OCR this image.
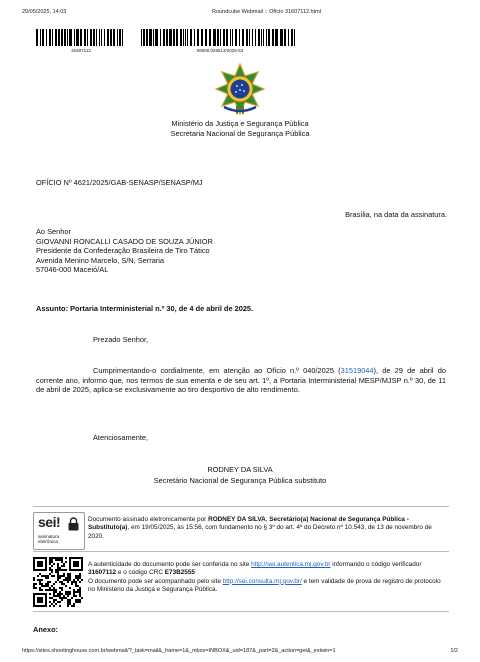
20/05/2025, 14:03	Roundcube Webmail :: Ofício 31607112.html
31607112	08000.028513/2025-53
Ministério da Justiça e Segurança Pública
Secretaria Nacional de Segurança Pública
OFÍCIO Nº 4621/2025/GAB-SENASP/SENASP/MJ
Brasília, na data da assinatura.
Ao Senhor
GIOVANNI RONCALLI CASADO DE SOUZA JÚNIOR
Presidente da Confederação Brasileira de Tiro Tático
Avenida Menino Marcelo, S/N, Serraria
57046-000 Maceió/AL
Assunto: Portaria Interministerial n.º 30, de 4 de abril de 2025.
Prezado Senhor,
Cumprimentando-o cordialmente, em atenção ao Ofício n.º 040/2025 (31519044), de 29 de abril do corrente ano, informo que, nos termos de sua ementa e de seu art. 1º, a Portaria Interministerial MESP/MJSP n.º 30, de 11 de abril de 2025, aplica-se exclusivamente ao tiro desportivo de alto rendimento.
Atenciosamente,
RODNEY DA SILVA
Secretário Nacional de Segurança Pública substituto
sei!
assinatura
eletrônica
Documento assinado eletronicamente por RODNEY DA SILVA, Secretário(a) Nacional de Segurança Pública - Substituto(a), em 19/05/2025, às 15:56, com fundamento no § 3º do art. 4º do Decreto nº 10.543, de 13 de novembro de 2020.
A autenticidade do documento pode ser conferida no site http://sei.autentica.mj.gov.br informando o código verificador 31607112 e o código CRC E73B2555
O documento pode ser acompanhado pelo site http://sei.consulta.mj.gov.br/ e tem validade de prova de registro de protocolo no Ministério da Justiça e Segurança Pública.
Anexo:
https://sites.shootinghouse.com.br/webmail/?_task=mail&_frame=1&_mbox=INBOX&_uid=187&_part=2&_action=get&_extwin=1	1/2
